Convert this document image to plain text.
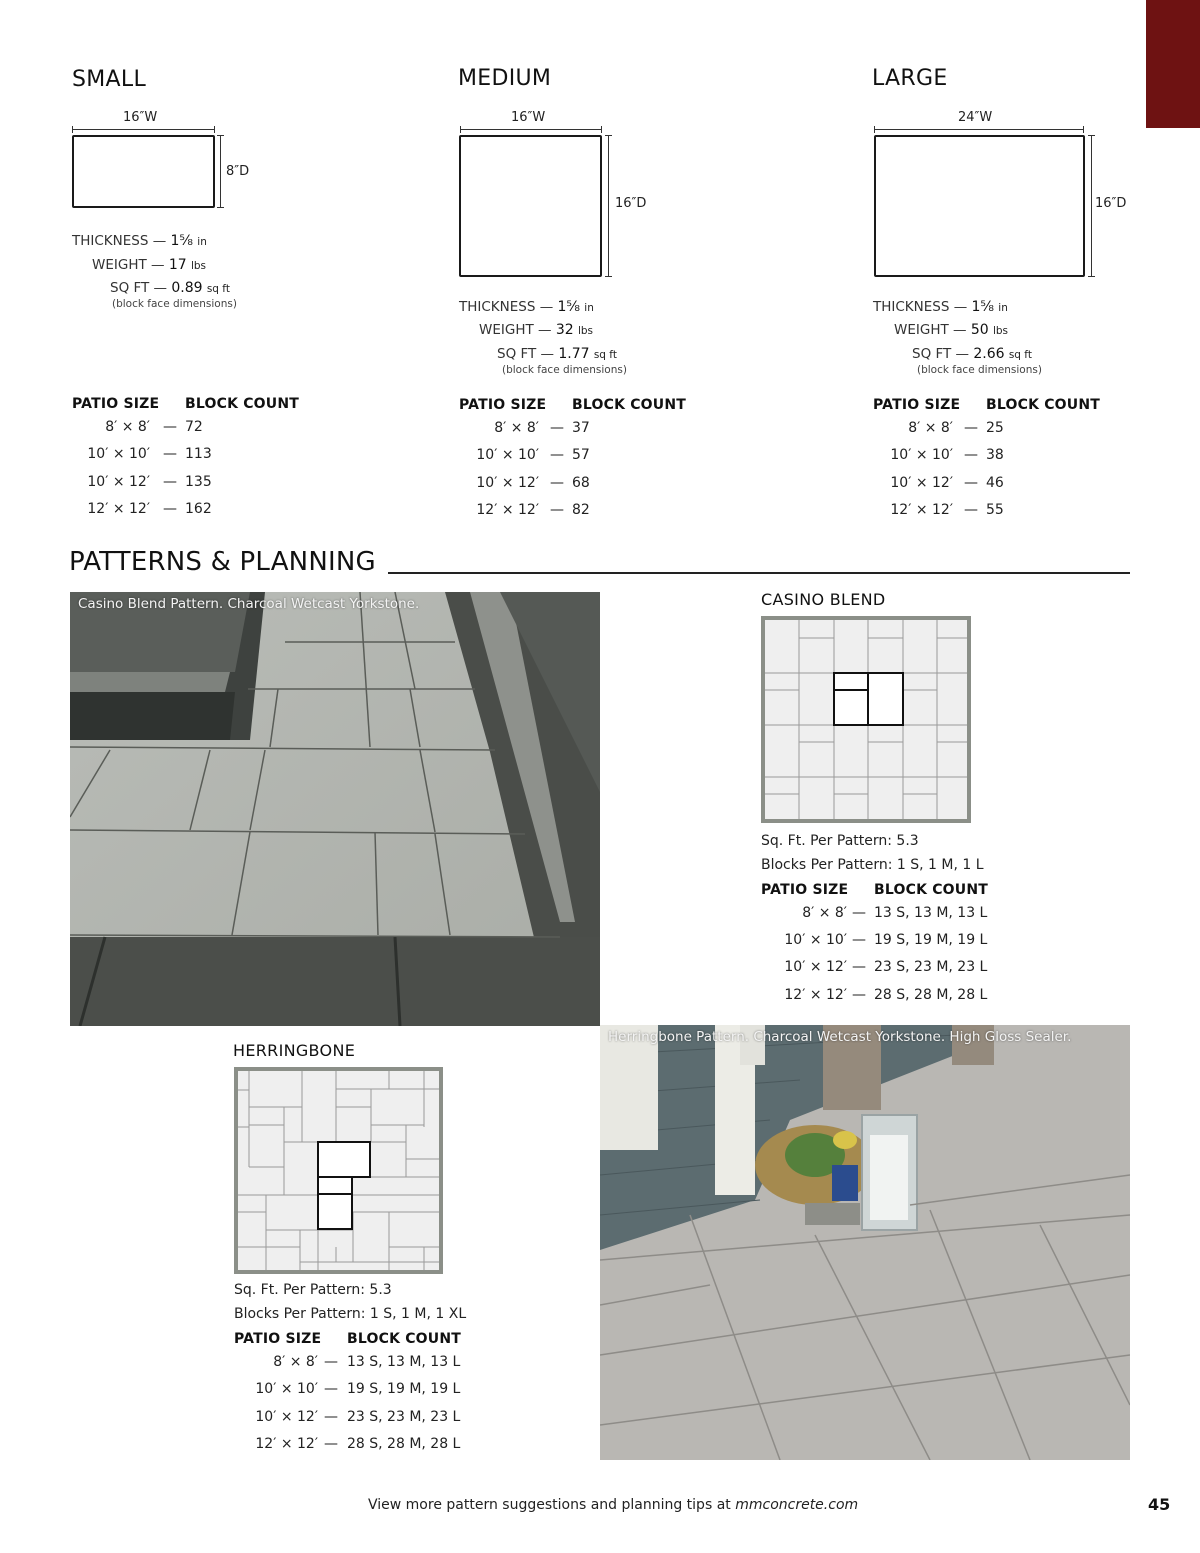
SMALL
16″W
8″D
THICKNESS — 1⅝ in
WEIGHT — 17 lbs
SQ FT — 0.89 sq ft
(block face dimensions)
PATIO SIZE BLOCK COUNT
8′ × 8′ — 72
10′ × 10′ — 113
10′ × 12′ — 135
12′ × 12′ — 162
MEDIUM
16″W
16″D
THICKNESS — 1⅝ in
WEIGHT — 32 lbs
SQ FT — 1.77 sq ft
(block face dimensions)
PATIO SIZE BLOCK COUNT
8′ × 8′ — 37
10′ × 10′ — 57
10′ × 12′ — 68
12′ × 12′ — 82
LARGE
24″W
16″D
THICKNESS — 1⅝ in
WEIGHT — 50 lbs
SQ FT — 2.66 sq ft
(block face dimensions)
PATIO SIZE BLOCK COUNT
8′ × 8′ — 25
10′ × 10′ — 38
10′ × 12′ — 46
12′ × 12′ — 55
PATTERNS & PLANNING
Casino Blend Pattern. Charcoal Wetcast Yorkstone.	CASINO BLEND
Sq. Ft. Per Pattern: 5.3
Blocks Per Pattern: 1 S, 1 M, 1 L
PATIO SIZE BLOCK COUNT
8′ × 8′ — 13 S, 13 M, 13 L
10′ × 10′ — 19 S, 19 M, 19 L
10′ × 12′ — 23 S, 23 M, 23 L
12′ × 12′ — 28 S, 28 M, 28 L
HERRINGBONE
Sq. Ft. Per Pattern: 5.3
Blocks Per Pattern: 1 S, 1 M, 1 XL
PATIO SIZE BLOCK COUNT
8′ × 8′ — 13 S, 13 M, 13 L
10′ × 10′ — 19 S, 19 M, 19 L
10′ × 12′ — 23 S, 23 M, 23 L
12′ × 12′ — 28 S, 28 M, 28 L
Herringbone Pattern. Charcoal Wetcast Yorkstone. High Gloss Sealer.
View more pattern suggestions and planning tips at mmconcrete.com	45
